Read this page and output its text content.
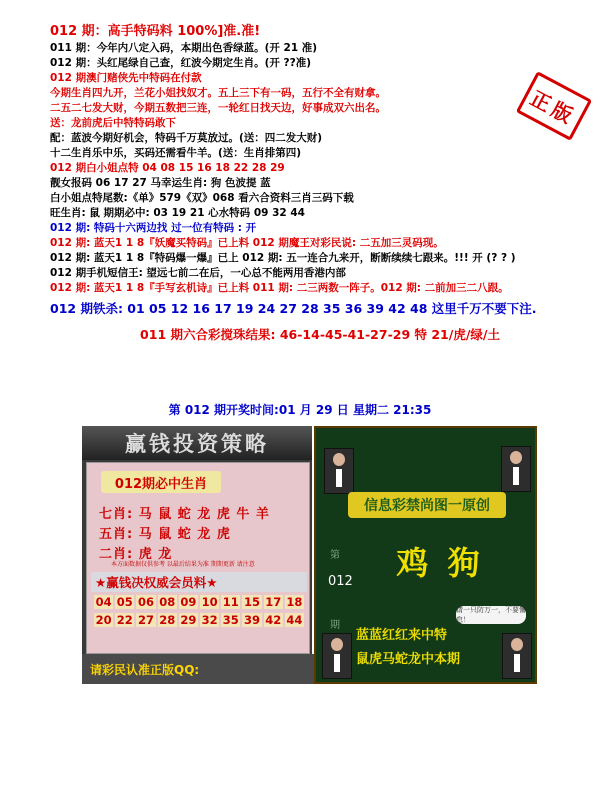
012 期：高手特码料 100%]准.准!
011 期：今年内八定入码，本期出色香绿蓝。(开 21 准)
012 期：头红尾绿自己查，红波今期定生肖。(开 ??准)
012 期澳门赌侠先中特码在付款
今期生肖四九开，兰花小姐找奴才。五上三下有一码，五行不全有财拿。
二五二七发大财，今期五数把三连，一轮红日找天边，好事成双六出名。
送：龙前虎后中特特码敢下
配：蓝波今期好机会，特码千万莫放过。(送：四二发大财)
十二生肖乐中乐，买码还需看牛羊。(送：生肖排第四)
012 期白小姐点特 04 08 15 16 18 22 28 29
靓女报码 06 17 27 马幸运生肖: 狗 色波提 蓝
白小姐点特尾数:《单》579《双》068 看六合资料三肖三码下载
旺生肖: 鼠 期期必中: 03 19 21 心水特码 09 32 44
012 期: 特码十六两边找 过一位有特码 : 开
012 期: 蓝天1 1 8『妖魔买特码』已上料 012 期魔王对彩民说: 二五加三灵码现。
012 期: 蓝天1 1 8『特码爆一爆』已上 012 期: 五一连合九来开，断断续续七跟来。!!! 开 (? ? )
012 期手机短信王: 望远七前二在后，一心总不能两用香港内部
012 期: 蓝天1 1 8『手写玄机诗』已上料 011 期: 二三两数一阵子。012 期: 二前加三二八跟。
012 期铁杀: 01 05 12 16 17 19 24 27 28 35 36 39 42 48 这里千万不要下注.
011 期六合彩搅珠结果: 46-14-45-41-27-29 特 21/虎/绿/土
正版
第 012 期开奖时间:01 月 29 日 星期二 21:35
赢钱投资策略
012期必中生肖
七肖: 马 鼠 蛇 龙 虎 牛 羊
五肖: 马 鼠 蛇 龙 虎
二肖: 虎 龙
本方面数据仅供参考 以最后结果为准 期期更新 请注意
★赢钱决权威会员料★
04 05 06 08 09 10 11 15 17 18
20 22 27 28 29 32 35 39 42 44
请彩民认准正版QQ:
信息彩禁尚图一原创
第
012
期
鸡 狗
请一只防万一，不要懈怠！
蓝蓝红红来中特
鼠虎马蛇龙中本期
